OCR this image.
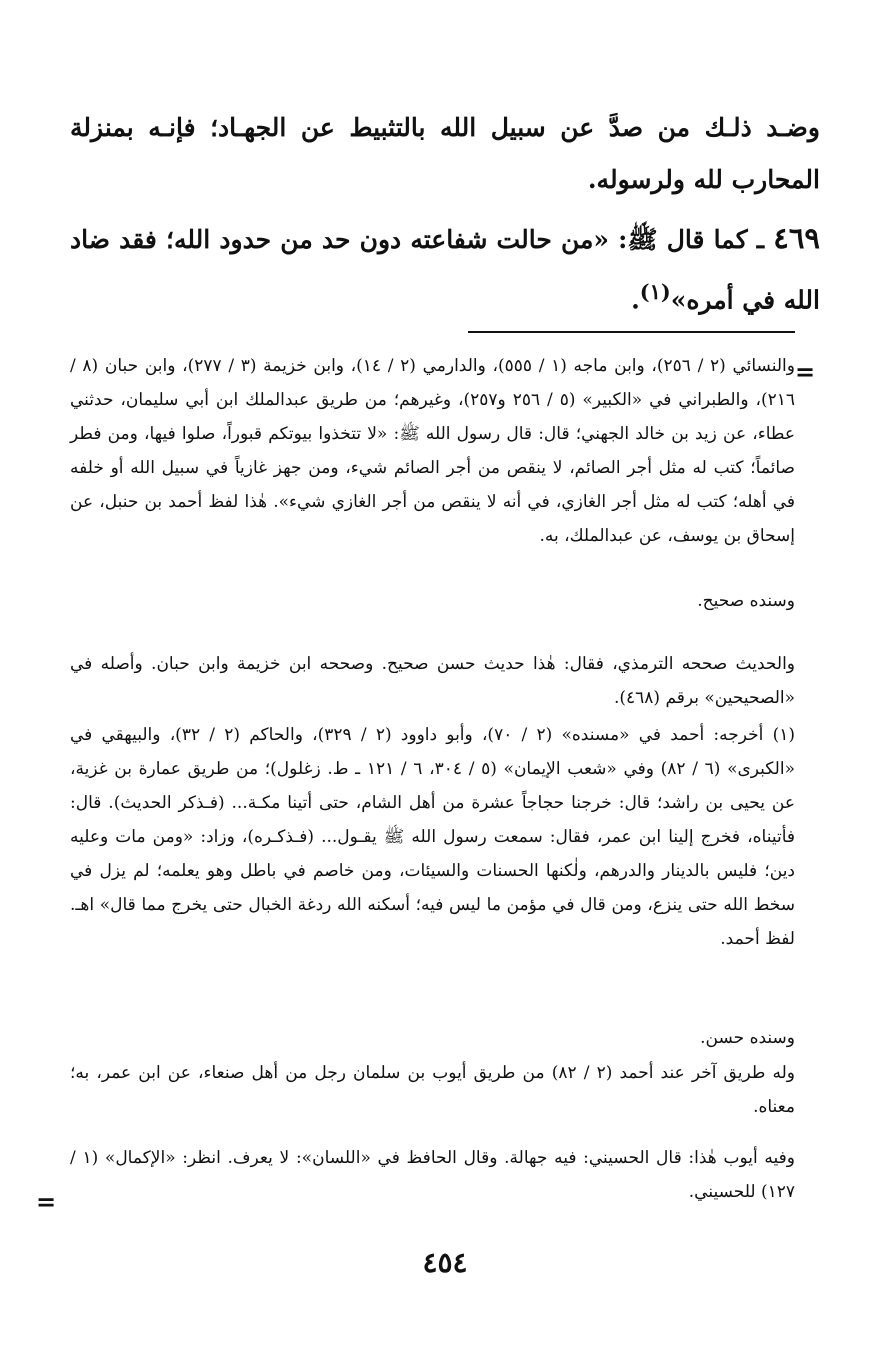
وضـد ذلـك من صدَّ عن سبيل الله بالتثبيط عن الجهـاد؛ فإنـه بمنزلة المحارب لله ولرسوله.

٤٦٩ ـ كما قال ﷺ: «من حالت شفاعته دون حد من حدود الله؛ فقد ضاد الله في أمره»$^{(١)}$.

=

والنسائي (٢ / ٢٥٦)، وابن ماجه (١ / ٥٥٥)، والدارمي (٢ / ١٤)، وابن خزيمة (٣ / ٢٧٧)، وابن حبان (٨ / ٢١٦)، والطبراني في «الكبير» (٥ / ٢٥٦ و٢٥٧)، وغيرهم؛ من طريق عبدالملك ابن أبي سليمان، حدثني عطاء، عن زيد بن خالد الجهني؛ قال: قال رسول الله ﷺ: «لا تتخذوا بيوتكم قبوراً، صلوا فيها، ومن فطر صائماً؛ كتب له مثل أجر الصائم، لا ينقص من أجر الصائم شيء، ومن جهز غازياً في سبيل الله أو خلفه في أهله؛ كتب له مثل أجر الغازي، في أنه لا ينقص من أجر الغازي شيء». هٰذا لفظ أحمد بن حنبل، عن إسحاق بن يوسف، عن عبدالملك، به.

وسنده صحيح.

والحديث صححه الترمذي، فقال: هٰذا حديث حسن صحيح. وصححه ابن خزيمة وابن حبان. وأصله في «الصحيحين» برقم (٤٦٨).

(١) أخرجه: أحمد في «مسنده» (٢ / ٧٠)، وأبو داوود (٢ / ٣٢٩)، والحاكم (٢ / ٣٢)، والبيهقي في «الكبرى» (٦ / ٨٢) وفي «شعب الإيمان» (٥ / ٣٠٤، ٦ / ١٢١ ـ ط. زغلول)؛ من طريق عمارة بن غزية، عن يحيى بن راشد؛ قال: خرجنا حجاجاً عشرة من أهل الشام، حتى أتينا مكـة... (فـذكر الحديث). قال: فأتيناه، فخرج إلينا ابن عمر، فقال: سمعت رسول الله ﷺ يقـول... (فـذكـره)، وزاد: «ومن مات وعليه دين؛ فليس بالدينار والدرهم، ولٰكنها الحسنات والسيئات، ومن خاصم في باطل وهو يعلمه؛ لم يزل في سخط الله حتى ينزع، ومن قال في مؤمن ما ليس فيه؛ أسكنه الله ردغة الخبال حتى يخرج مما قال» اهـ. لفظ أحمد.

وسنده حسن.

وله طريق آخر عند أحمد (٢ / ٨٢) من طريق أيوب بن سلمان رجل من أهل صنعاء، عن ابن عمر، به؛ معناه.

وفيه أيوب هٰذا: قال الحسيني: فيه جهالة. وقال الحافظ في «اللسان»: لا يعرف. انظر: «الإكمال» (١ / ١٢٧) للحسيني.

=
٤٥٤
